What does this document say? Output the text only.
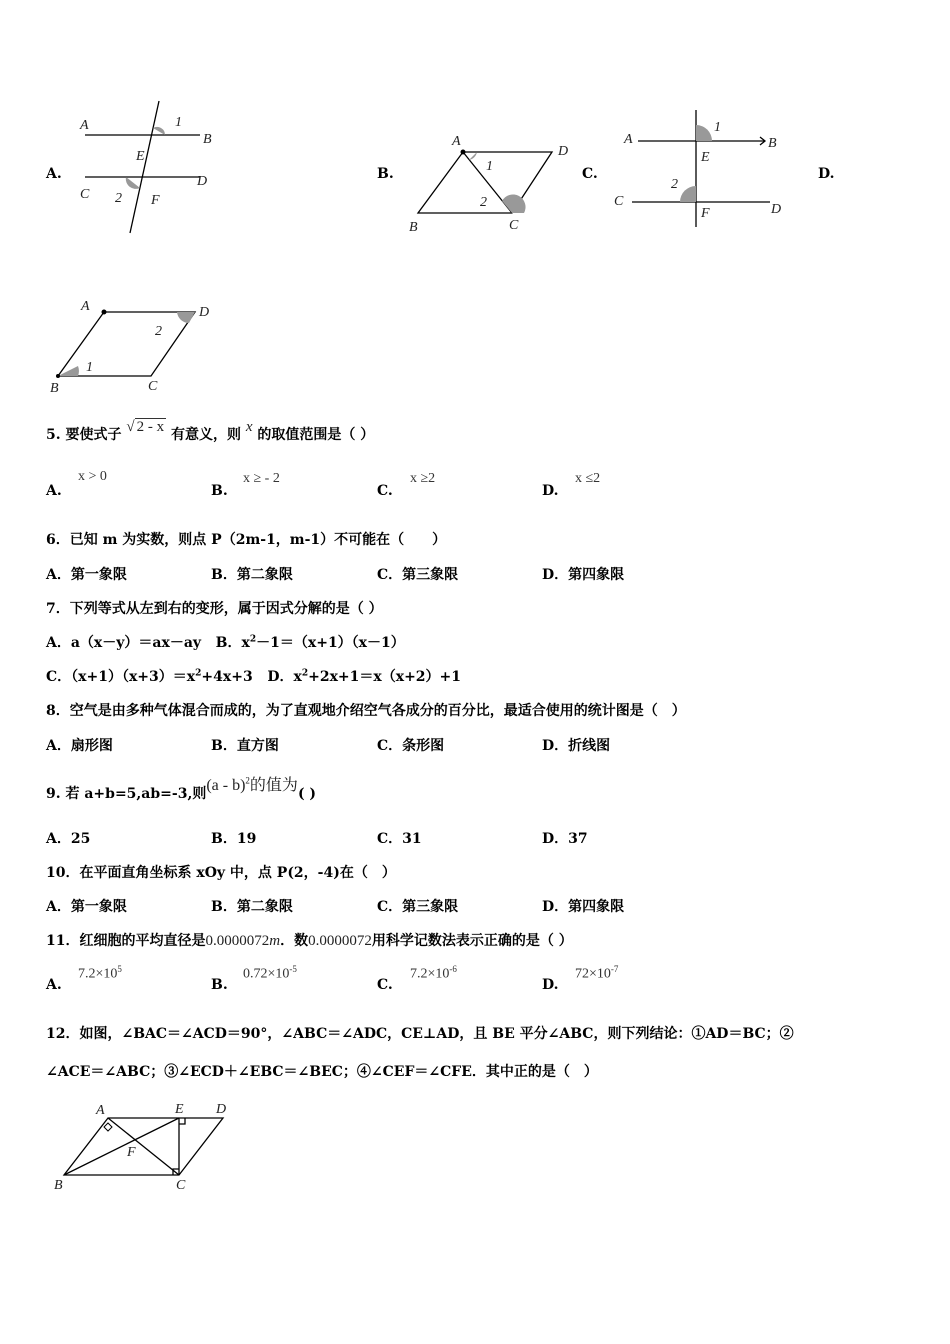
A.
A
B
E
1
C
D
2 F
B.
A
D
1
2
B	C
C.
A	B
1
E
2
C
F	D
D.
A	D
2
1
B	C
5. 要使式子 √ 2 - x 有意义，则 x 的取值范围是（ ）
A.
x > 0
B.
x ≥ - 2
C.
x ≥2
D.
x ≤2
6．已知 m 为实数，则点 P（2m-1，m-1）不可能在（　　）
A．第一象限	B．第二象限	C．第三象限	D．第四象限
7．下列等式从左到右的变形，属于因式分解的是（ ）
A．a（x－y）＝ax－ay B．$x^2-1=(x+1)(x-1)$
C．$(x+1)(x+3)=x^2+4x+3$ D．$x^2+2x+1=x(x+2)+1$
8．空气是由多种气体混合而成的，为了直观地介绍空气各成分的百分比，最适合使用的统计图是（　）
A．扇形图	B．直方图	C．条形图	D．折线图
9. 若 a+b=5,ab=-3,则(a - b)$^2$的值为( )
A．25	B．19	C．31	D．37
10．在平面直角坐标系 xOy 中，点 P(2，-4)在（　）
A．第一象限	B．第二象限	C．第三象限	D．第四象限
11．红细胞的平均直径是0.0000072m．数0.0000072用科学记数法表示正确的是（ ）
A.
$7.2\times 10^5$
B.
$0.72\times 10^{-5}$
C.
$7.2\times 10^{-6}$
D.
$72\times 10^{-7}$
12．如图，∠BAC＝∠ACD＝90°，∠ABC＝∠ADC，CE⊥AD，且 BE 平分∠ABC，则下列结论：①AD＝BC；②
∠ACE＝∠ABC；③∠ECD＋∠EBC＝∠BEC；④∠CEF＝∠CFE．其中正的是（　）
A	E D
F
B	C
